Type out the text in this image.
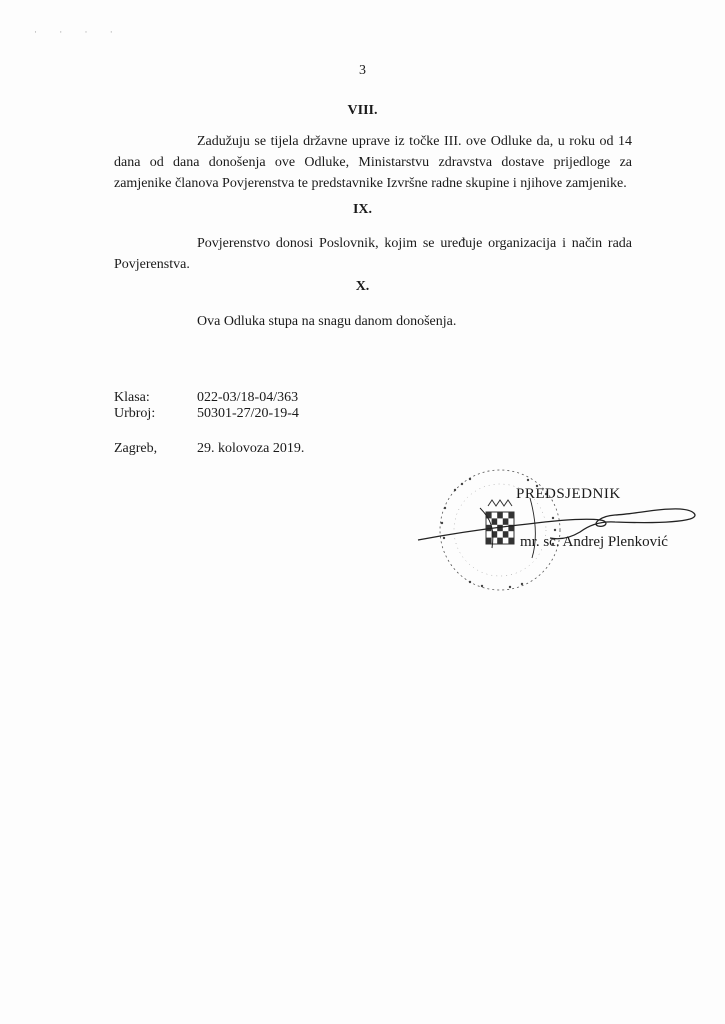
· · · ·
3
VIII.
Zadužuju se tijela državne uprave iz točke III. ove Odluke da, u roku od 14 dana od dana donošenja ove Odluke, Ministarstvu zdravstva dostave prijedloge za zamjenike članova Povjerenstva te predstavnike Izvršne radne skupine i njihove zamjenike.
IX.
Povjerenstvo donosi Poslovnik, kojim se uređuje organizacija i način rada Povjerenstva.
X.
Ova Odluka stupa na snagu danom donošenja.
Klasa:	022-03/18-04/363
Urbroj:	50301-27/20-19-4
Zagreb,	29. kolovoza 2019.
PREDSJEDNIK
mr. sc. Andrej Plenković
